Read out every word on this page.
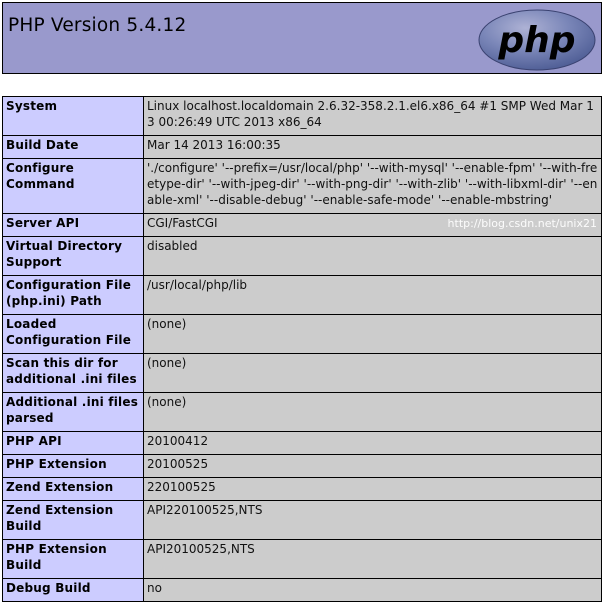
PHP Version 5.4.12	php
System	Linux localhost.localdomain 2.6.32-358.2.1.el6.x86_64 #1 SMP Wed Mar 13 00:26:49 UTC 2013 x86_64
Build Date	Mar 14 2013 16:00:35
Configure Command	'./configure' '--prefix=/usr/local/php' '--with-mysql' '--enable-fpm' '--with-freetype-dir' '--with-jpeg-dir' '--with-png-dir' '--with-zlib' '--with-libxml-dir' '--enable-xml' '--disable-debug' '--enable-safe-mode' '--enable-mbstring'
Server API	CGI/FastCGI
Virtual Directory Support	disabled
Configuration File (php.ini) Path	/usr/local/php/lib
Loaded Configuration File	(none)
Scan this dir for additional .ini files	(none)
Additional .ini files parsed	(none)
PHP API	20100412
PHP Extension	20100525
Zend Extension	220100525
Zend Extension Build	API220100525,NTS
PHP Extension Build	API20100525,NTS
Debug Build	no
http://blog.csdn.net/unix21
